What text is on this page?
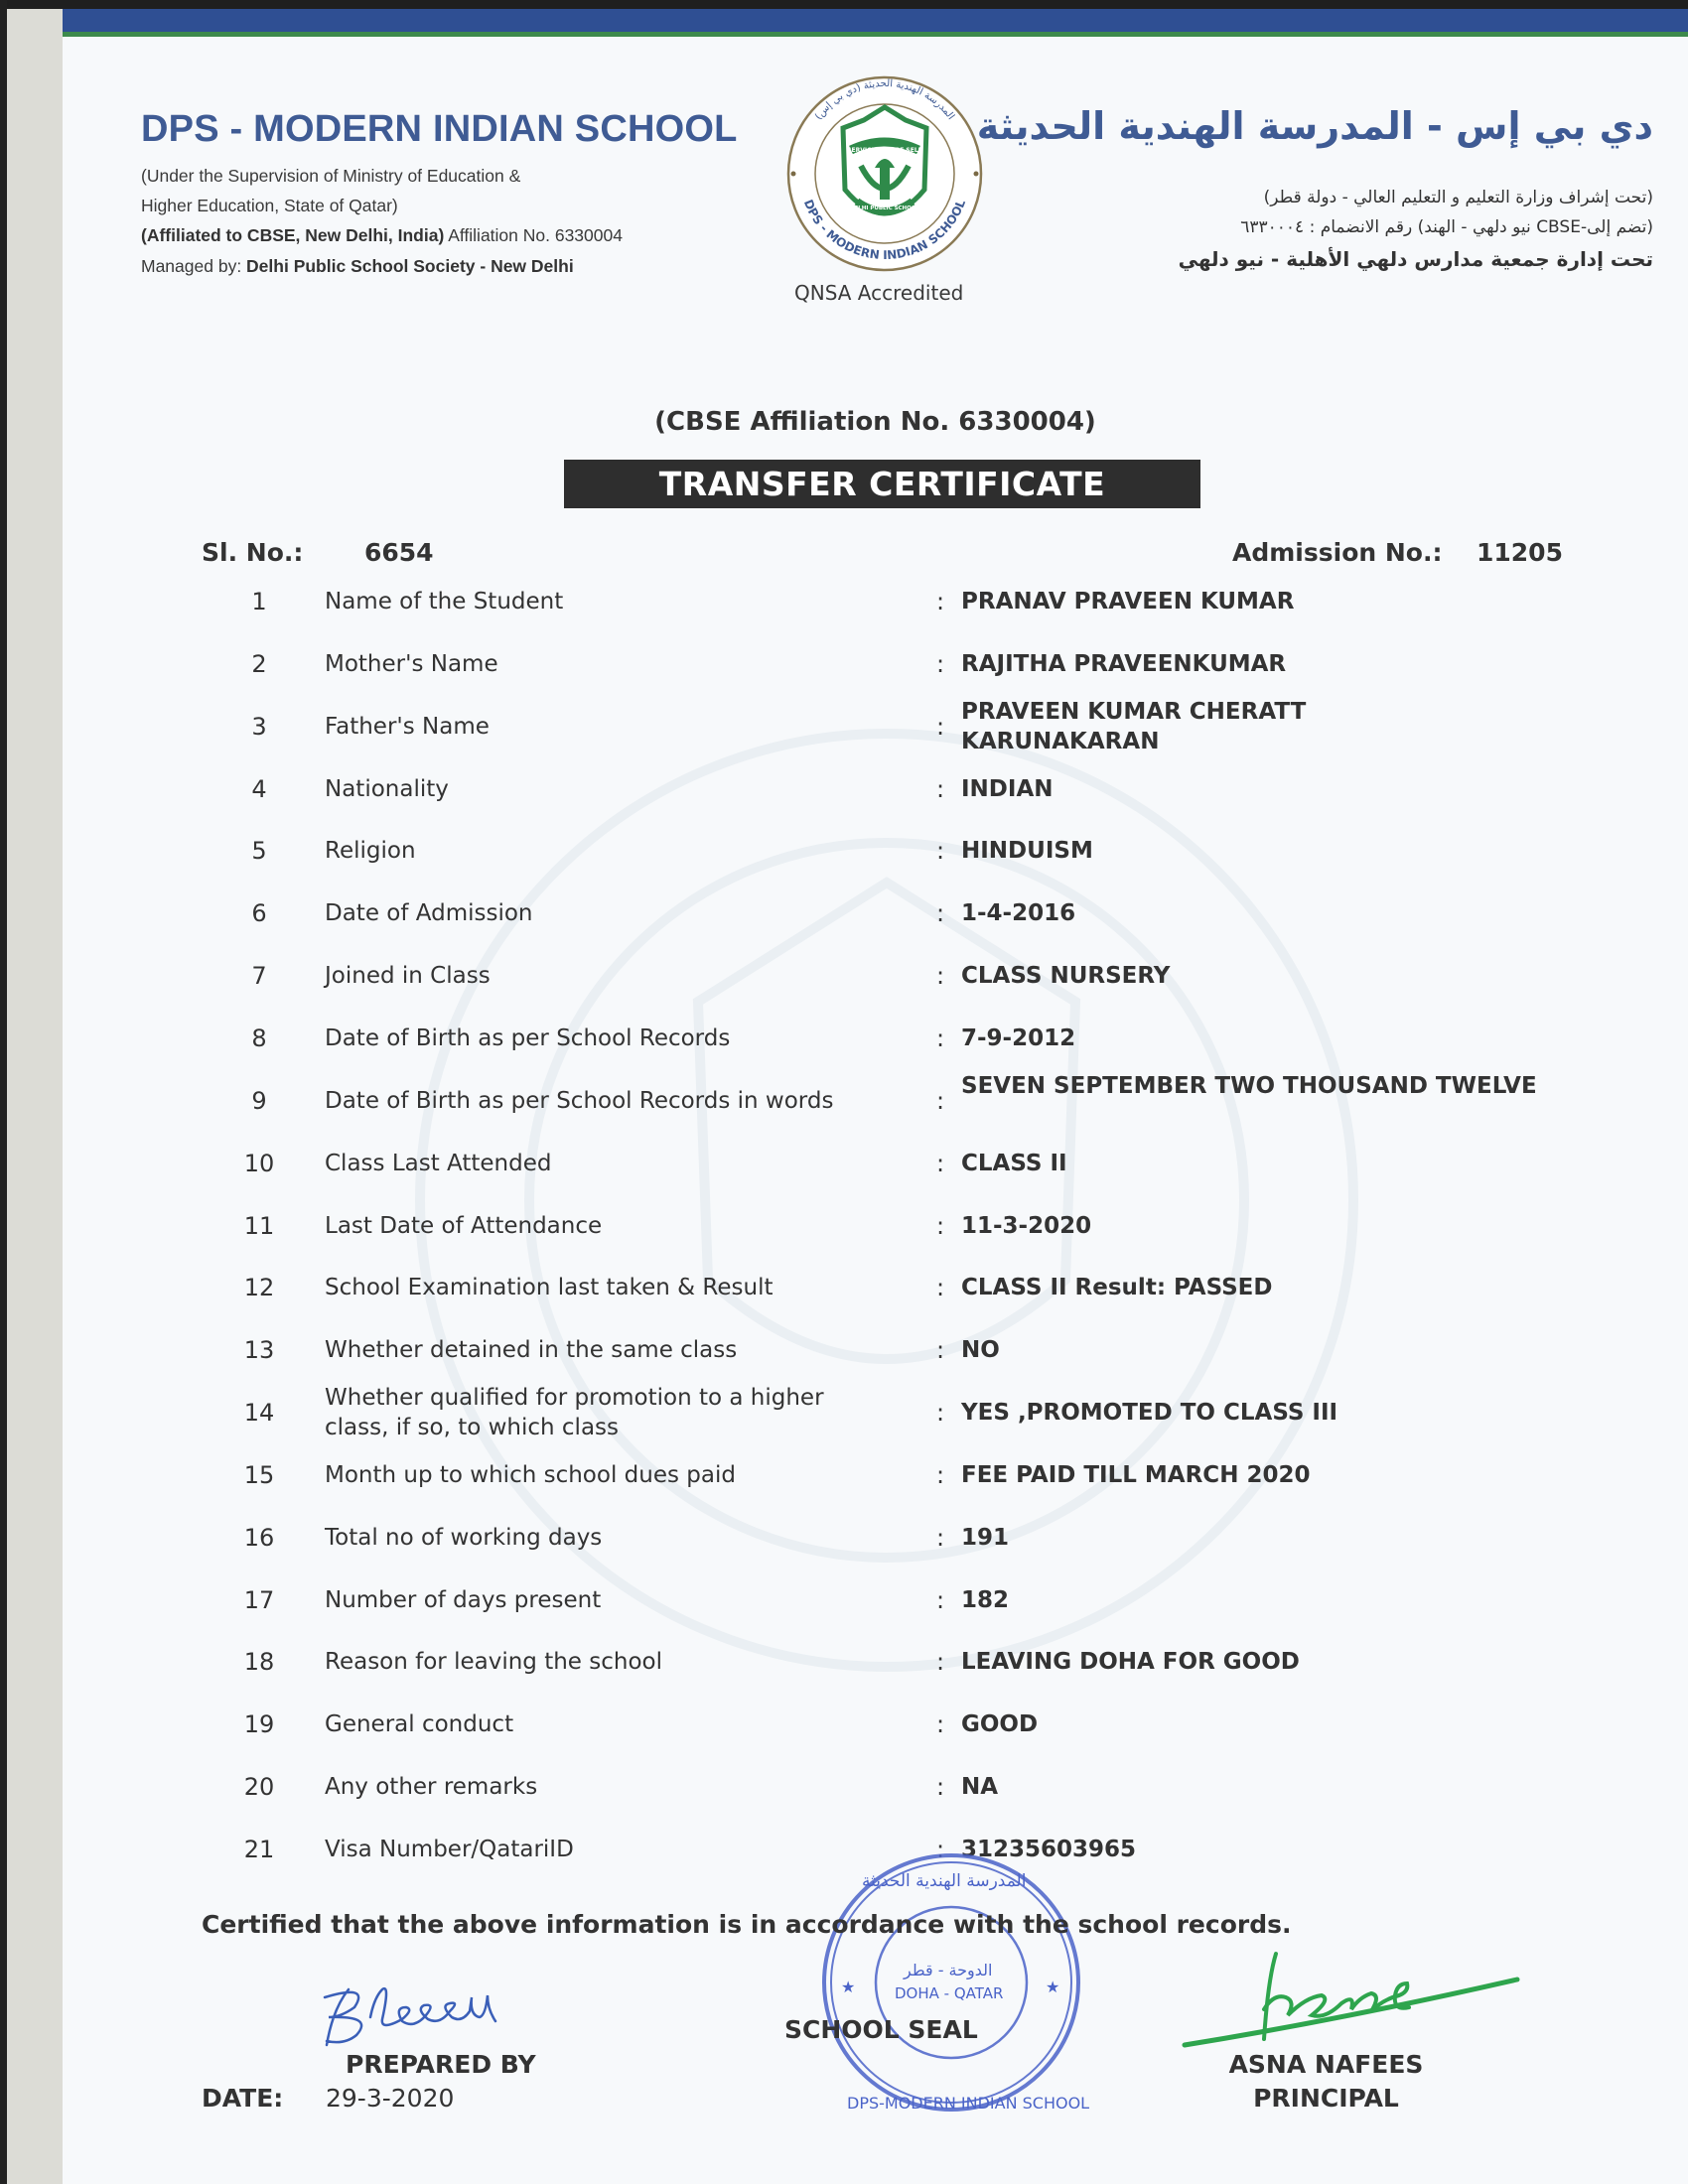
DPS - MODERN INDIAN SCHOOL
(Under the Supervision of Ministry of Education &
Higher Education, State of Qatar)
(Affiliated to CBSE, New Delhi, India) Affiliation No. 6330004
Managed by: Delhi Public School Society - New Delhi
DPS - MODERN INDIAN SCHOOL
المدرسة الهندية الحديثة (دي بي إس)
SERVICE BEFORE SELF
DELHI PUBLIC SCHOOL
QNSA Accredited
دي بي إس - المدرسة الهندية الحديثة
(تحت إشراف وزارة التعليم و التعليم العالي - دولة قطر)
(تضم إلى-CBSE نيو دلهي - الهند) رقم الانضمام : ٦٣٣٠٠٠٤
تحت إدارة جمعية مدارس دلهي الأهلية - نيو دلهي
(CBSE Affiliation No. 6330004)
TRANSFER CERTIFICATE
Sl. No.: 6654	Admission No.: 11205
1	Name of the Student	: PRANAV PRAVEEN KUMAR
2	Mother's Name	: RAJITHA PRAVEENKUMAR
3	Father's Name	:
PRAVEEN KUMAR CHERATT KARUNAKARAN
4	Nationality	: INDIAN
5	Religion	: HINDUISM
6	Date of Admission	: 1-4-2016
7	Joined in Class	: CLASS NURSERY
8	Date of Birth as per School Records	: 7-9-2012
9	Date of Birth as per School Records in words	:
SEVEN SEPTEMBER TWO THOUSAND TWELVE
10	Class Last Attended	: CLASS II
11	Last Date of Attendance	: 11-3-2020
12	School Examination last taken & Result	: CLASS II Result: PASSED
13	Whether detained in the same class	: NO
14
Whether qualified for promotion to a higher class, if so, to which class
: YES ,PROMOTED TO CLASS III
15	Month up to which school dues paid	: FEE PAID TILL MARCH 2020
16	Total no of working days	: 191
17	Number of days present	: 182
18	Reason for leaving the school	: LEAVING DOHA FOR GOOD
19	General conduct	: GOOD
20	Any other remarks	: NA
21	Visa Number/QatariID	: 31235603965
★	★
المدرسة الهندية الحديثة
الدوحة - قطر
DOHA - QATAR
DPS-MODERN INDIAN SCHOOL
Certified that the above information is in accordance with the school records.
PREPARED BY
DATE: 29-3-2020
SCHOOL SEAL
ASNA NAFEES
PRINCIPAL
